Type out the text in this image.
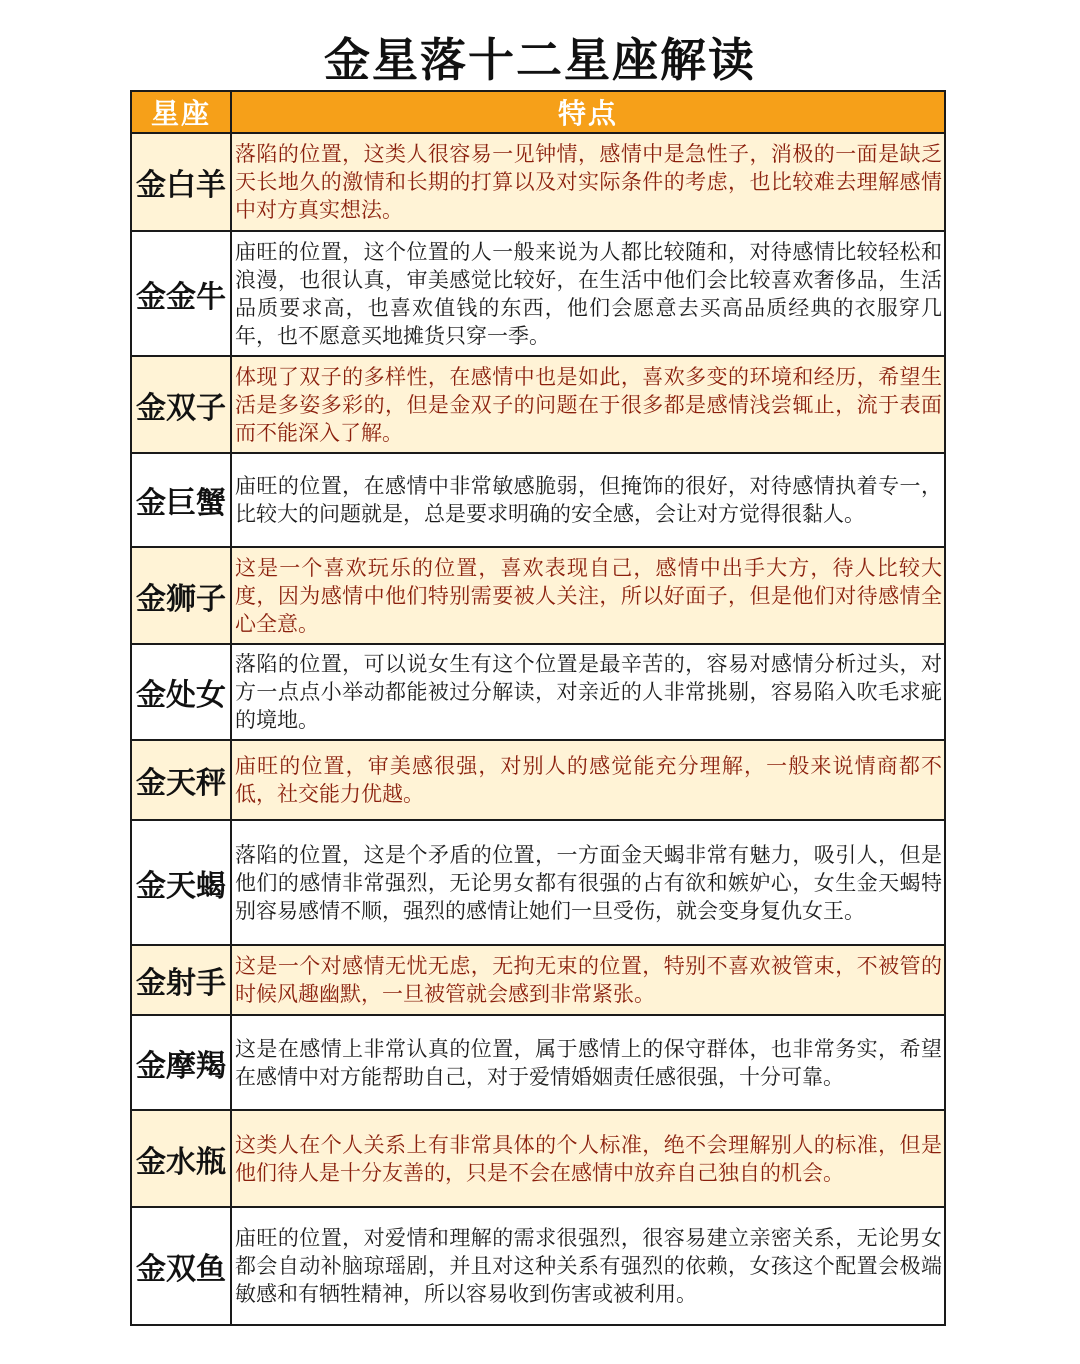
金星落十二星座解读
星座	特点
金白羊	落陷的位置，这类人很容易一见钟情，感情中是急性子，消极的一面是缺乏天长地久的激情和长期的打算以及对实际条件的考虑，也比较难去理解感情中对方真实想法。
金金牛	庙旺的位置，这个位置的人一般来说为人都比较随和，对待感情比较轻松和浪漫，也很认真，审美感觉比较好，在生活中他们会比较喜欢奢侈品，生活品质要求高，也喜欢值钱的东西，他们会愿意去买高品质经典的衣服穿几年，也不愿意买地摊货只穿一季。
金双子	体现了双子的多样性，在感情中也是如此，喜欢多变的环境和经历，希望生活是多姿多彩的，但是金双子的问题在于很多都是感情浅尝辄止，流于表面而不能深入了解。
金巨蟹	庙旺的位置，在感情中非常敏感脆弱，但掩饰的很好，对待感情执着专一，比较大的问题就是，总是要求明确的安全感，会让对方觉得很黏人。
金狮子	这是一个喜欢玩乐的位置，喜欢表现自己，感情中出手大方，待人比较大度，因为感情中他们特别需要被人关注，所以好面子，但是他们对待感情全心全意。
金处女	落陷的位置，可以说女生有这个位置是最辛苦的，容易对感情分析过头，对方一点点小举动都能被过分解读，对亲近的人非常挑剔，容易陷入吹毛求疵的境地。
金天秤	庙旺的位置，审美感很强，对别人的感觉能充分理解，一般来说情商都不低，社交能力优越。
金天蝎	落陷的位置，这是个矛盾的位置，一方面金天蝎非常有魅力，吸引人，但是他们的感情非常强烈，无论男女都有很强的占有欲和嫉妒心，女生金天蝎特别容易感情不顺，强烈的感情让她们一旦受伤，就会变身复仇女王。
金射手	这是一个对感情无忧无虑，无拘无束的位置，特别不喜欢被管束，不被管的时候风趣幽默，一旦被管就会感到非常紧张。
金摩羯	这是在感情上非常认真的位置，属于感情上的保守群体，也非常务实，希望在感情中对方能帮助自己，对于爱情婚姻责任感很强，十分可靠。
金水瓶	这类人在个人关系上有非常具体的个人标准，绝不会理解别人的标准，但是他们待人是十分友善的，只是不会在感情中放弃自己独自的机会。
金双鱼	庙旺的位置，对爱情和理解的需求很强烈，很容易建立亲密关系，无论男女都会自动补脑琼瑶剧，并且对这种关系有强烈的依赖，女孩这个配置会极端敏感和有牺牲精神，所以容易收到伤害或被利用。
